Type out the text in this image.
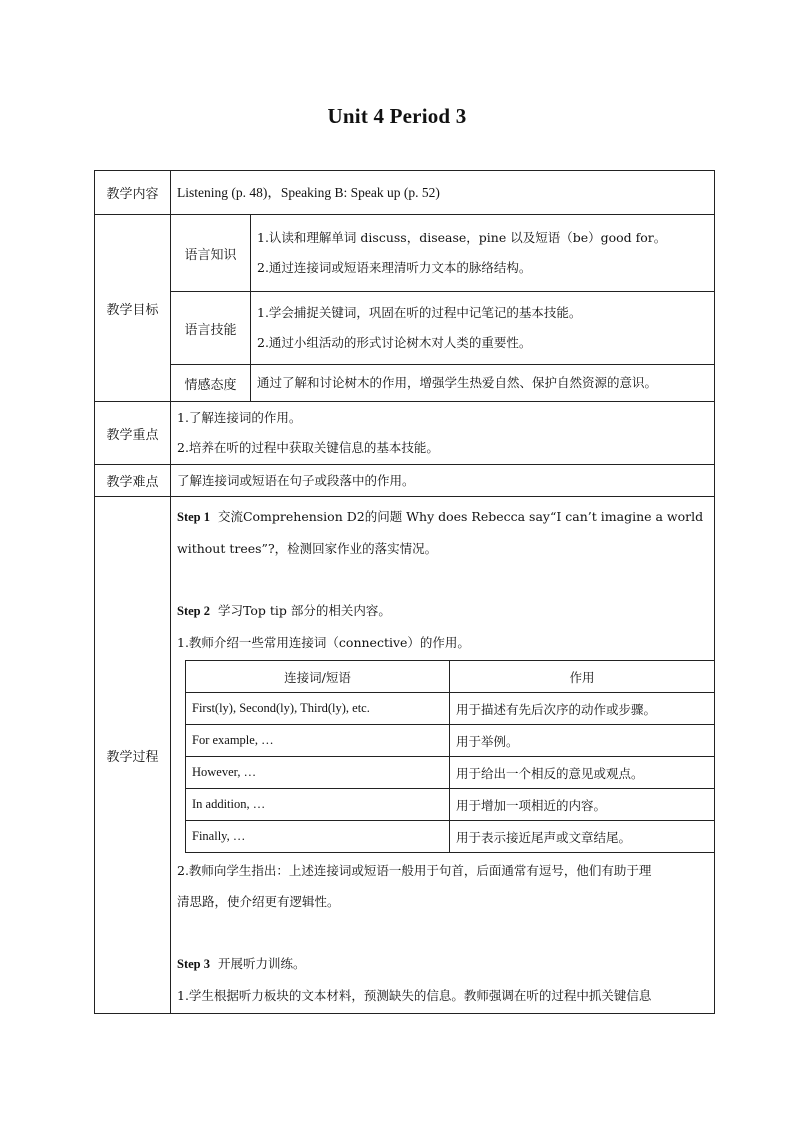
Unit 4 Period 3
教学内容	Listening (p. 48)，Speaking B: Speak up (p. 52)
教学目标	语言知识	
1.认读和理解单词 discuss，disease，pine 以及短语（be）good for。
2.通过连接词或短语来理清听力文本的脉络结构。

语言技能	
1.学会捕捉关键词，巩固在听的过程中记笔记的基本技能。
2.通过小组活动的形式讨论树木对人类的重要性。

情感态度	通过了解和讨论树木的作用，增强学生热爱自然、保护自然资源的意识。

教学重点	
1.了解连接词的作用。
2.培养在听的过程中获取关键信息的基本技能。

教学难点	了解连接词或短语在句子或段落中的作用。

教学过程	
Step 1 交流Comprehension D2的问题 Why does Rebecca say“I can’t imagine a world
without trees”?，检测回家作业的落实情况。
Step 2 学习Top tip 部分的相关内容。
1.教师介绍一些常用连接词（connective）的作用。
连接词/短语	作用
First(ly), Second(ly), Third(ly), etc.	用于描述有先后次序的动作或步骤。
For example, …	用于举例。
However, …	用于给出一个相反的意见或观点。
In addition, …	用于增加一项相近的内容。
Finally, …	用于表示接近尾声或文章结尾。
2.教师向学生指出：上述连接词或短语一般用于句首，后面通常有逗号，他们有助于理
清思路，使介绍更有逻辑性。
Step 3 开展听力训练。
1.学生根据听力板块的文本材料，预测缺失的信息。教师强调在听的过程中抓关键信息
